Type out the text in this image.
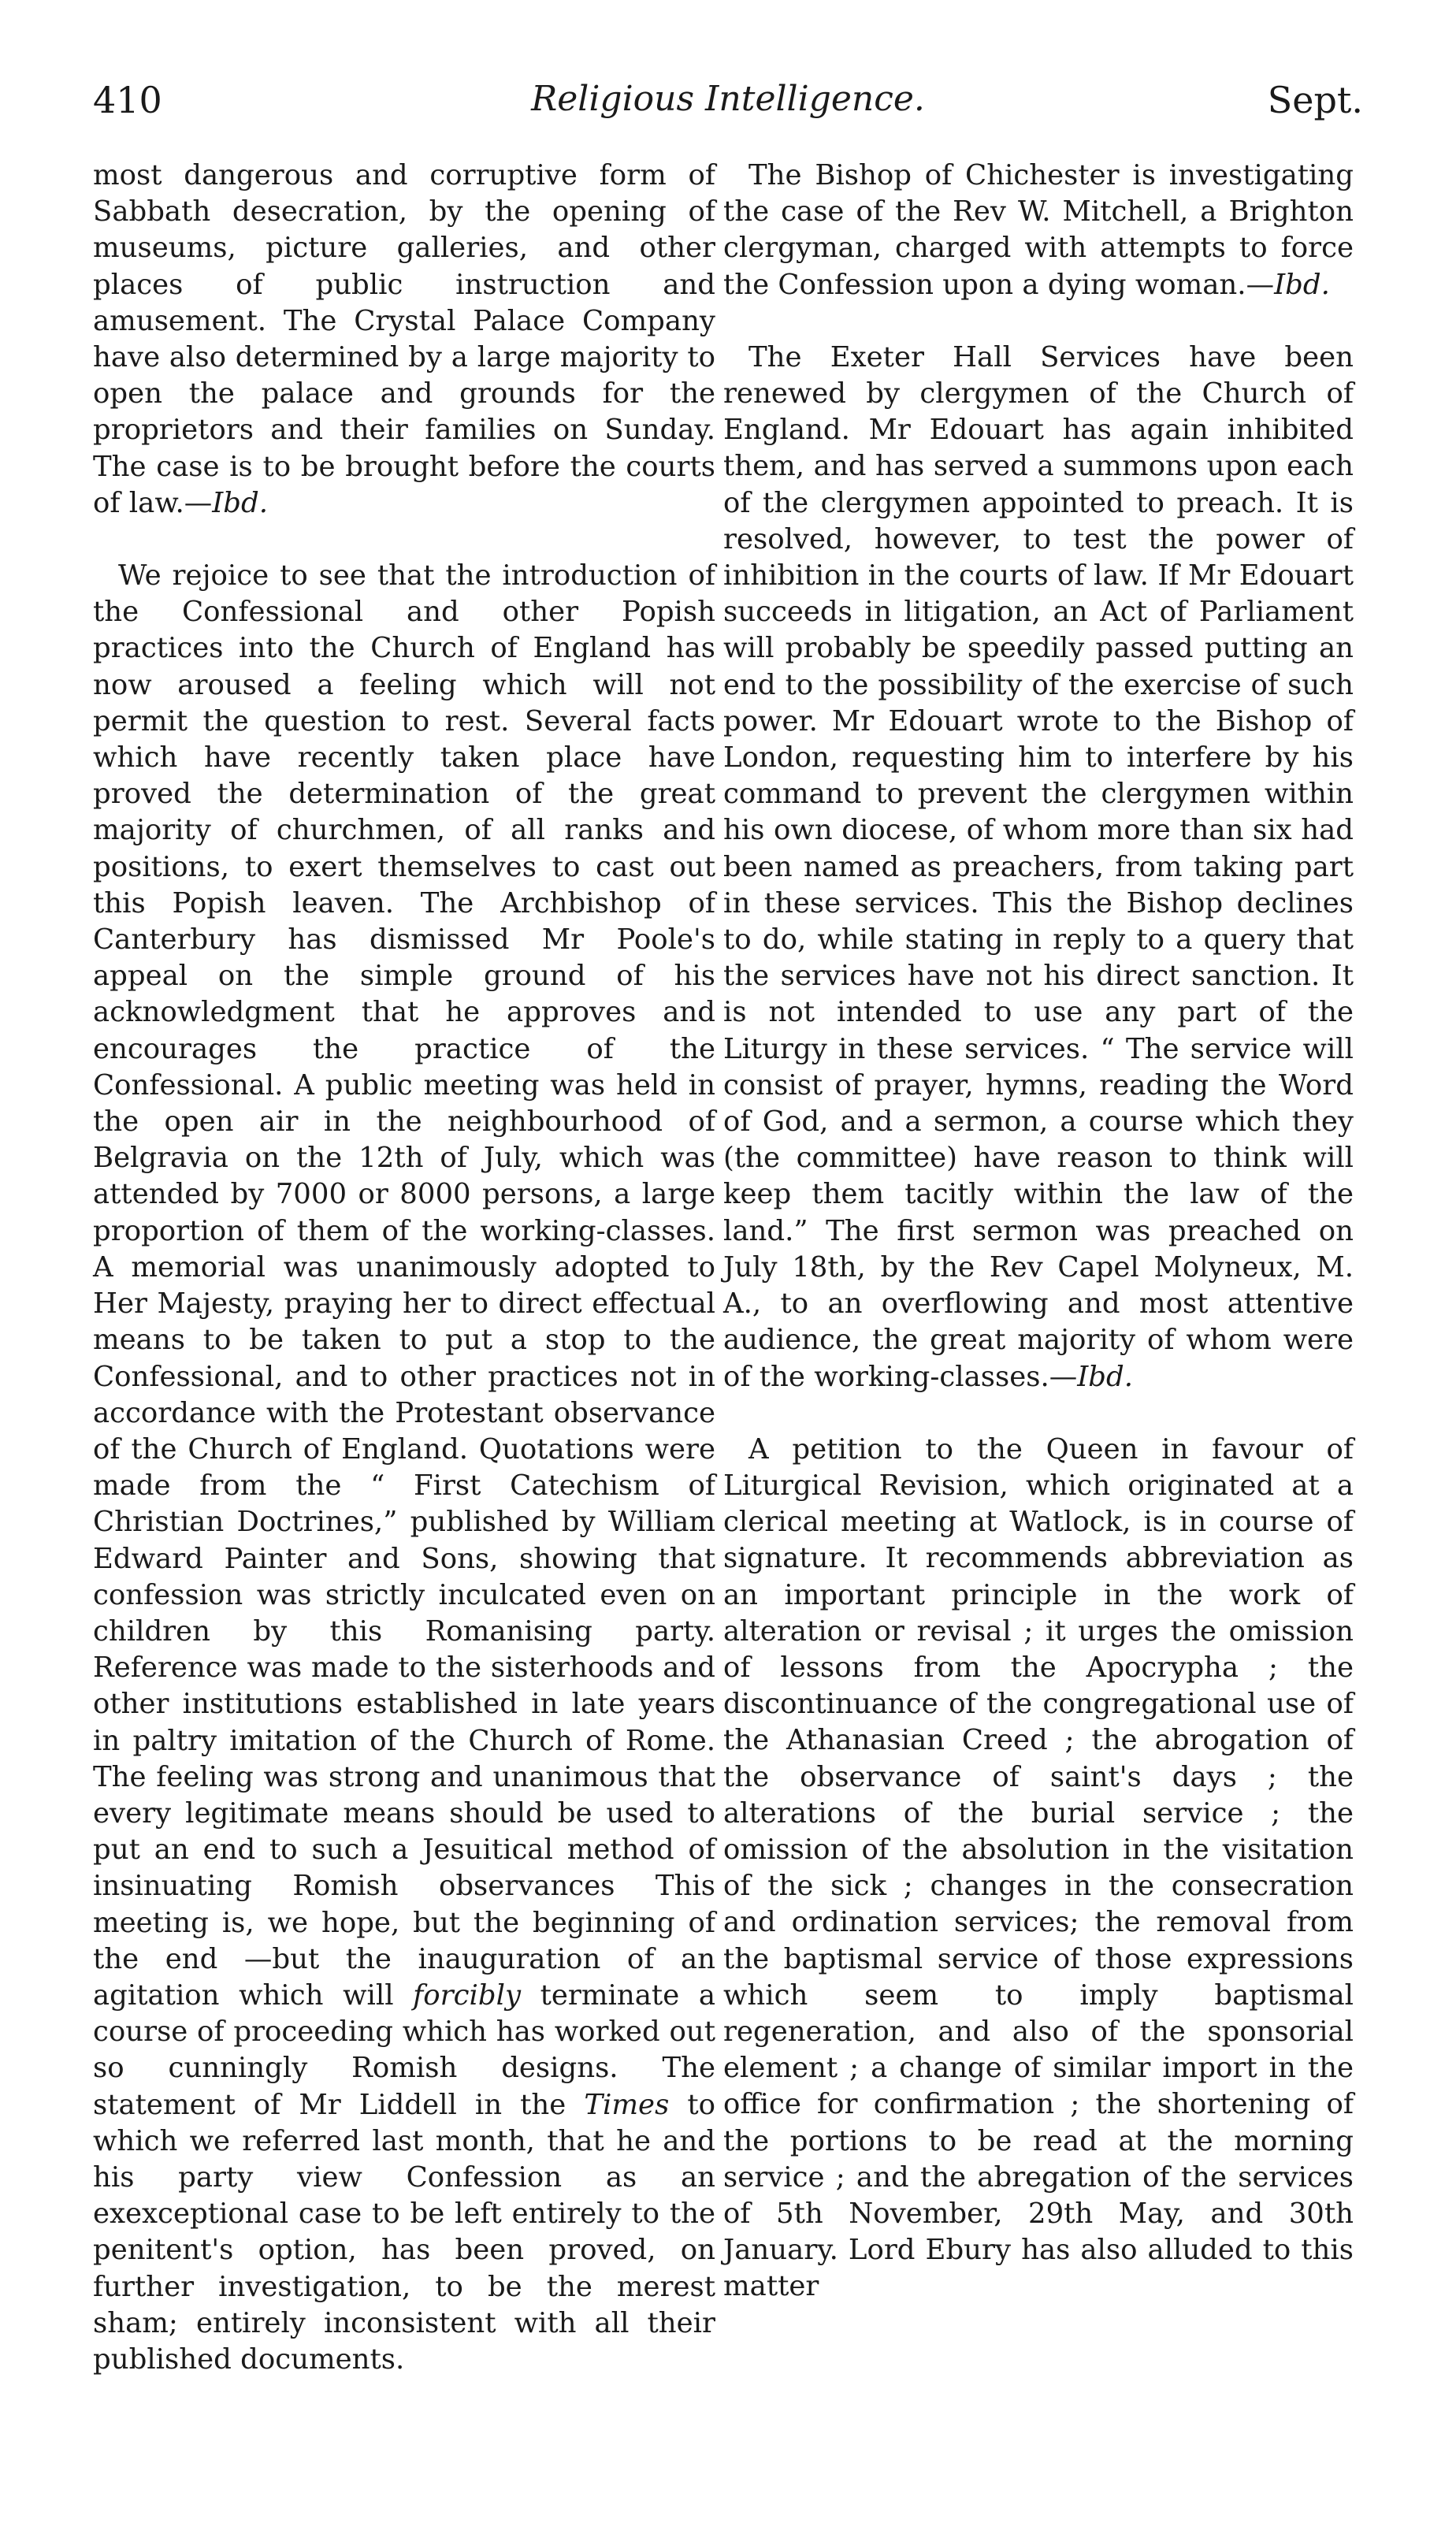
410	Religious Intelligence.	Sept.

most dangerous and corruptive form of Sabbath desecration, by the opening of museums, picture galleries, and other places of public instruction and amusement. The Crystal Palace Company have also determined by a large majority to open the palace and grounds for the proprietors and their families on Sunday. The case is to be brought before the courts of law.—Ibd.

We rejoice to see that the introduction of the Confessional and other Popish practices into the Church of England has now aroused a feeling which will not permit the question to rest. Several facts which have recently taken place have proved the determination of the great majority of churchmen, of all ranks and positions, to exert themselves to cast out this Popish leaven. The Archbishop of Canterbury has dismissed Mr Poole's appeal on the simple ground of his acknowledgment that he approves and encourages the practice of the Confessional. A public meeting was held in the open air in the neighbourhood of Belgravia on the 12th of July, which was attended by 7000 or 8000 persons, a large proportion of them of the working-classes. A memorial was unanimously adopted to Her Majesty, praying her to direct effectual means to be taken to put a stop to the Confessional, and to other practices not in accordance with the Protestant observance of the Church of England. Quotations were made from the “ First Catechism of Christian Doctrines,” published by William Edward Painter and Sons, showing that confession was strictly inculcated even on children by this Romanising party. Reference was made to the sisterhoods and other institutions established in late years in paltry imitation of the Church of Rome. The feeling was strong and unanimous that every legitimate means should be used to put an end to such a Jesuitical method of insinuating Romish observances This meeting is, we hope, but the beginning of the end —but the inauguration of an agitation which will forcibly terminate a course of proceeding which has worked out so cunningly Romish designs. The statement of Mr Liddell in the Times to which we referred last month, that he and his party view Confession as an exexceptional case to be left entirely to the penitent's option, has been proved, on further investigation, to be the merest sham; entirely inconsistent with all their published documents.

The Bishop of Chichester is investigating the case of the Rev W. Mitchell, a Brighton clergyman, charged with attempts to force the Confession upon a dying woman.—Ibd.

The Exeter Hall Services have been renewed by clergymen of the Church of England. Mr Edouart has again inhibited them, and has served a summons upon each of the clergymen appointed to preach. It is resolved, however, to test the power of inhibition in the courts of law. If Mr Edouart succeeds in litigation, an Act of Parliament will probably be speedily passed putting an end to the possibility of the exercise of such power. Mr Edouart wrote to the Bishop of London, requesting him to interfere by his command to prevent the clergymen within his own diocese, of whom more than six had been named as preachers, from taking part in these services. This the Bishop declines to do, while stating in reply to a query that the services have not his direct sanction. It is not intended to use any part of the Liturgy in these services. “ The service will consist of prayer, hymns, reading the Word of God, and a sermon, a course which they (the committee) have reason to think will keep them tacitly within the law of the land.” The first sermon was preached on July 18th, by the Rev Capel Molyneux, M. A., to an overflowing and most attentive audience, the great majority of whom were of the working-classes.—Ibd.

A petition to the Queen in favour of Liturgical Revision, which originated at a clerical meeting at Watlock, is in course of signature. It recommends abbreviation as an important principle in the work of alteration or revisal ; it urges the omission of lessons from the Apocrypha ; the discontinuance of the congregational use of the Athanasian Creed ; the abrogation of the observance of saint's days ; the alterations of the burial service ; the omission of the absolution in the visitation of the sick ; changes in the consecration and ordination services; the removal from the baptismal service of those expressions which seem to imply baptismal regeneration, and also of the sponsorial element ; a change of similar import in the office for confirmation ; the shortening of the portions to be read at the morning service ; and the abregation of the services of 5th November, 29th May, and 30th January. Lord Ebury has also alluded to this matter
